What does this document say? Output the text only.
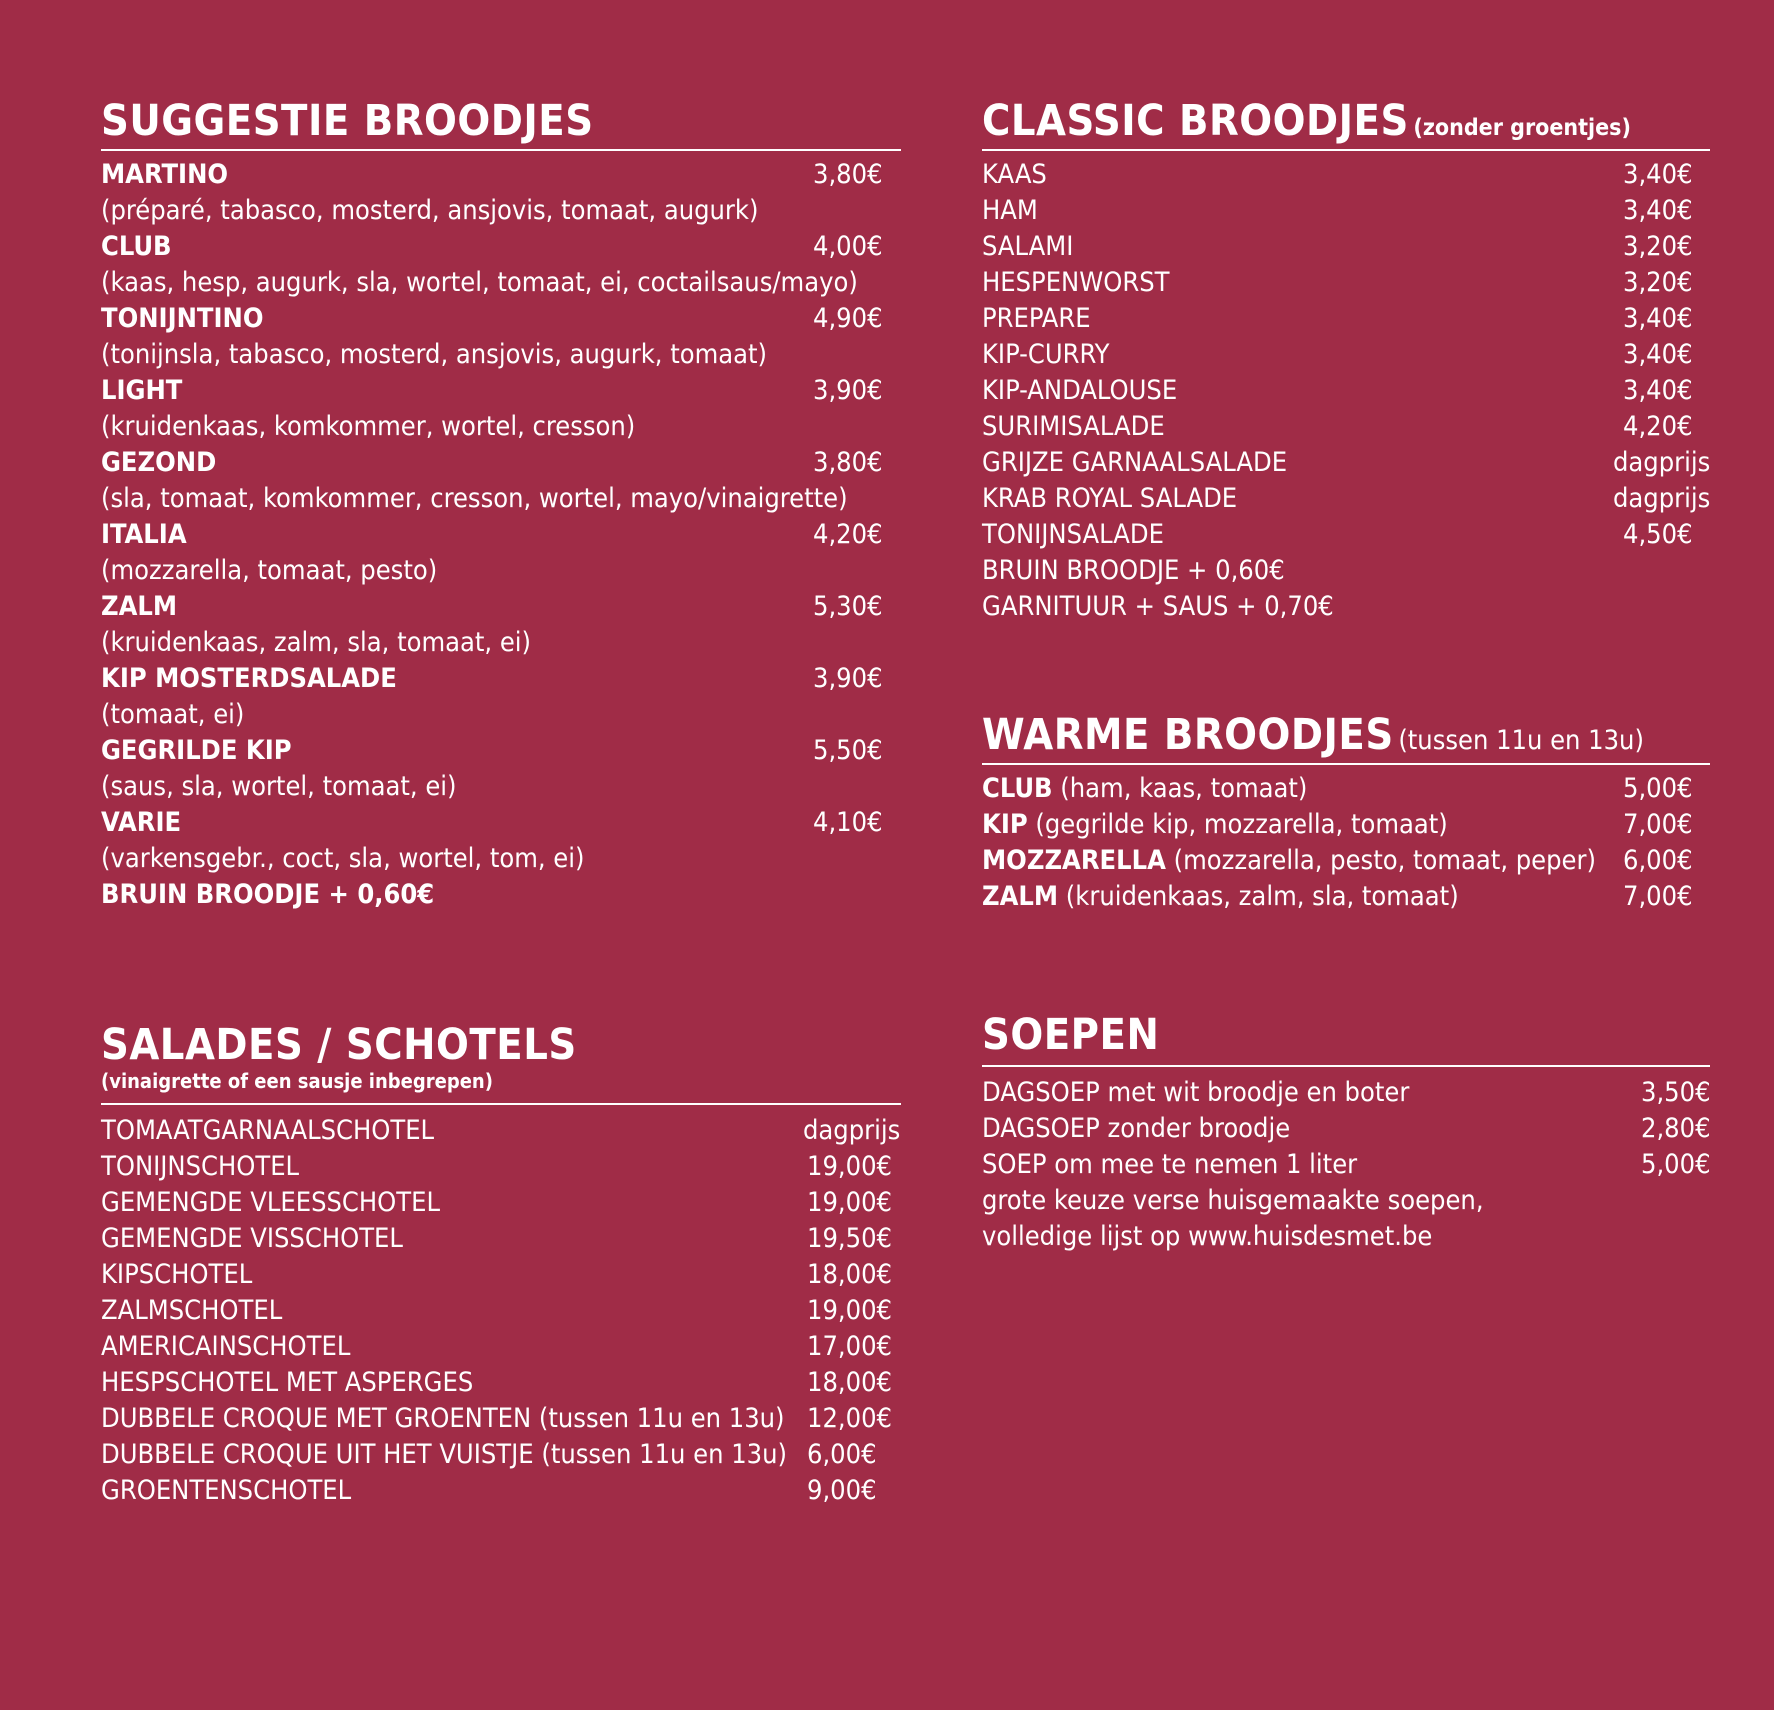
SUGGESTIE BROODJES
MARTINO	3,80€
(préparé, tabasco, mosterd, ansjovis, tomaat, augurk)
CLUB	4,00€
(kaas, hesp, augurk, sla, wortel, tomaat, ei, coctailsaus/mayo)
TONIJNTINO	4,90€
(tonijnsla, tabasco, mosterd, ansjovis, augurk, tomaat)
LIGHT	3,90€
(kruidenkaas, komkommer, wortel, cresson)
GEZOND	3,80€
(sla, tomaat, komkommer, cresson, wortel, mayo/vinaigrette)
ITALIA	4,20€
(mozzarella, tomaat, pesto)
ZALM	5,30€
(kruidenkaas, zalm, sla, tomaat, ei)
KIP MOSTERDSALADE	3,90€
(tomaat, ei)
GEGRILDE KIP	5,50€
(saus, sla, wortel, tomaat, ei)
VARIE	4,10€
(varkensgebr., coct, sla, wortel, tom, ei)
BRUIN BROODJE + 0,60€
CLASSIC BROODJES (zonder groentjes)
KAAS	3,40€
HAM	3,40€
SALAMI	3,20€
HESPENWORST	3,20€
PREPARE	3,40€
KIP-CURRY	3,40€
KIP-ANDALOUSE	3,40€
SURIMISALADE	4,20€
GRIJZE GARNAALSALADE	dagprijs
KRAB ROYAL SALADE	dagprijs
TONIJNSALADE	4,50€
BRUIN BROODJE + 0,60€
GARNITUUR + SAUS + 0,70€
WARME BROODJES (tussen 11u en 13u)
CLUB (ham, kaas, tomaat)	5,00€
KIP (gegrilde kip, mozzarella, tomaat)	7,00€
MOZZARELLA (mozzarella, pesto, tomaat, peper) 6,00€
ZALM (kruidenkaas, zalm, sla, tomaat)	7,00€
SALADES / SCHOTELS
(vinaigrette of een sausje inbegrepen)
TOMAATGARNAALSCHOTEL	dagprijs
TONIJNSCHOTEL	19,00€
GEMENGDE VLEESSCHOTEL	19,00€
GEMENGDE VISSCHOTEL	19,50€
KIPSCHOTEL	18,00€
ZALMSCHOTEL	19,00€
AMERICAINSCHOTEL	17,00€
HESPSCHOTEL MET ASPERGES	18,00€
DUBBELE CROQUE MET GROENTEN (tussen 11u en 13u) 12,00€
DUBBELE CROQUE UIT HET VUISTJE (tussen 11u en 13u) 6,00€
GROENTENSCHOTEL	9,00€
SOEPEN
DAGSOEP met wit broodje en boter	3,50€
DAGSOEP zonder broodje	2,80€
SOEP om mee te nemen 1 liter	5,00€
grote keuze verse huisgemaakte soepen,
volledige lijst op www.huisdesmet.be
